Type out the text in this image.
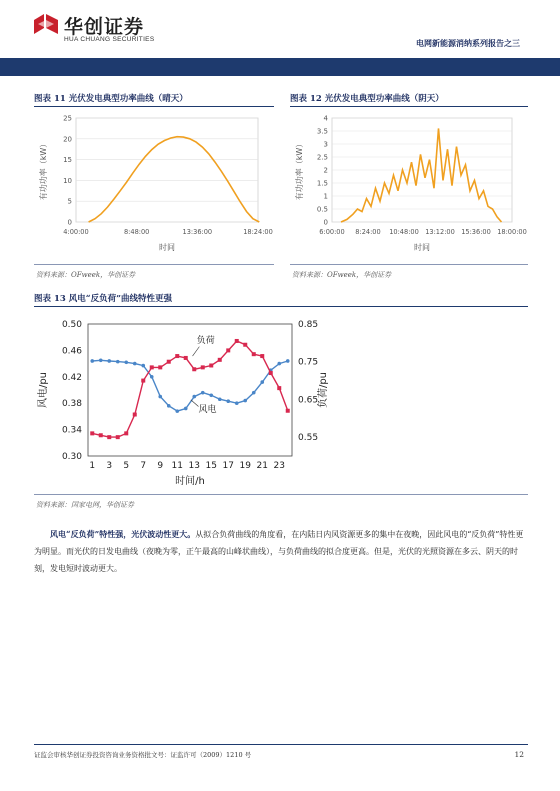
华创证券
HUA CHUANG SECURITIES	电网新能源消纳系列报告之三
图表 11 光伏发电典型功率曲线（晴天）
0
5
10
15
20
25
4:00:00	8:48:00	13:36:00	18:24:00
时间
有功功率（kW）
资料来源：OFweek，华创证券
图表 12 光伏发电典型功率曲线（阴天）
0
0.5
1
1.5
2
2.5
3
3.5
4
6:00:00 8:24:00 10:48:00 13:12:00 15:36:00 18:00:00
时间
有功功率（kW）
资料来源：OFweek，华创证券
图表 13 风电“反负荷”曲线特性更强
0.30
0.34
0.38
0.42
0.46
0.50
0.55
0.65
0.75
0.85
1 3 5 7 9 11 13 15 17 19 21 23
负荷
风电
时间/h
风电/pu	负荷/pu
资料来源：国家电网，华创证券
风电“反负荷”特性强，光伏波动性更大。从拟合负荷曲线的角度看，在内陆日内风资源更多的集中在夜晚，因此风电的“反负荷”特性更为明显。而光伏的日发电曲线（夜晚为零，正午最高的山峰状曲线），与负荷曲线的拟合度更高。但是，光伏的光照资源在多云、阴天的时刻，发电短时波动更大。
证监会审核华创证券投资咨询业务资格批文号：证监许可（2009）1210 号	12
